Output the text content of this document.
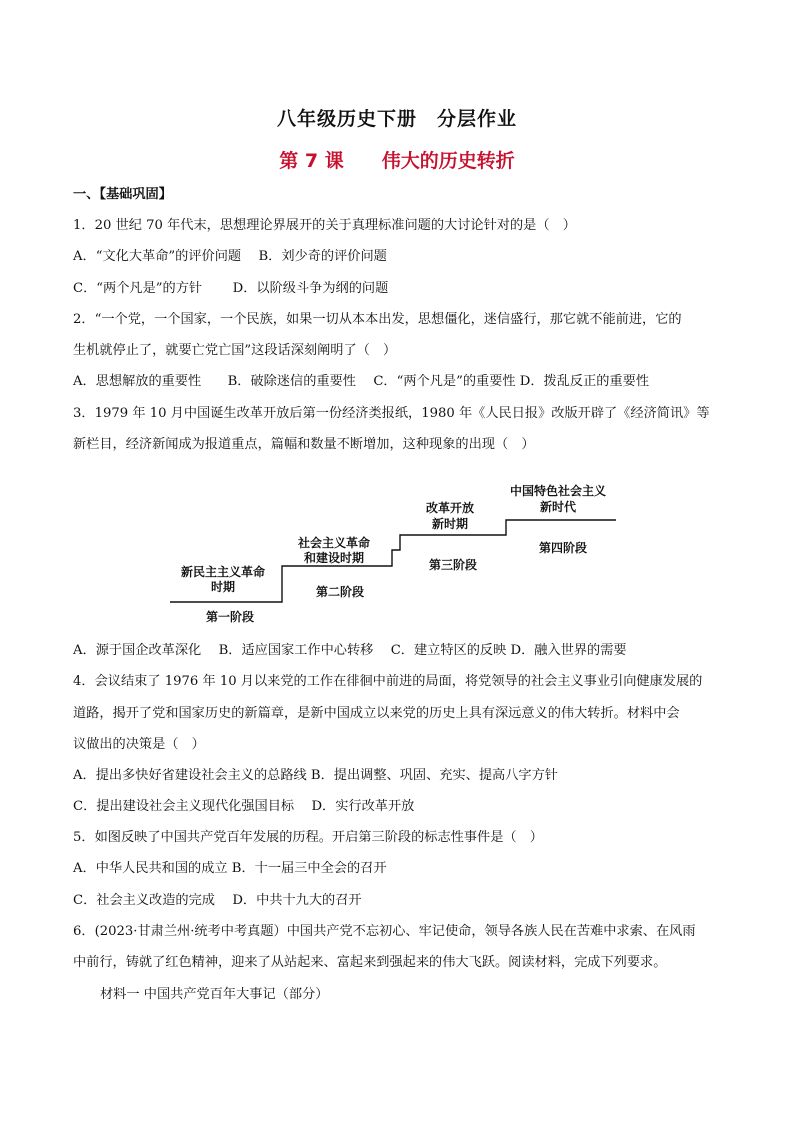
八年级历史下册　分层作业
第 7 课　　伟大的历史转折
一、【基础巩固】
1．20 世纪 70 年代末，思想理论界展开的关于真理标准问题的大讨论针对的是（　）
A．“文化大革命”的评价问题　 B．刘少奇的评价问题
C．“两个凡是”的方针　　 D．以阶级斗争为纲的问题
2．“一个党，一个国家，一个民族，如果一切从本本出发，思想僵化，迷信盛行，那它就不能前进，它的
生机就停止了，就要亡党亡国”这段话深刻阐明了（　）
A．思想解放的重要性　　B．破除迷信的重要性　 C．“两个凡是”的重要性 D．拨乱反正的重要性
3．1979 年 10 月中国诞生改革开放后第一份经济类报纸，1980 年《人民日报》改版开辟了《经济简讯》等
新栏目，经济新闻成为报道重点，篇幅和数量不断增加，这种现象的出现（　）
新民主主义革命
时期
第一阶段
社会主义革命
和建设时期
第二阶段
改革开放
新时期
第三阶段
中国特色社会主义
新时代
第四阶段
A．源于国企改革深化　 B．适应国家工作中心转移　 C．建立特区的反映 D．融入世界的需要
4．会议结束了 1976 年 10 月以来党的工作在徘徊中前进的局面，将党领导的社会主义事业引向健康发展的
道路，揭开了党和国家历史的新篇章，是新中国成立以来党的历史上具有深远意义的伟大转折。材料中会
议做出的决策是（　）
A．提出多快好省建设社会主义的总路线 B．提出调整、巩固、充实、提高八字方针
C．提出建设社会主义现代化强国目标　 D．实行改革开放
5．如图反映了中国共产党百年发展的历程。开启第三阶段的标志性事件是（　）
A．中华人民共和国的成立 B．十一届三中全会的召开
C．社会主义改造的完成　 D．中共十九大的召开
6．(2023·甘肃兰州·统考中考真题）中国共产党不忘初心、牢记使命，领导各族人民在苦难中求索、在风雨
中前行，铸就了红色精神，迎来了从站起来、富起来到强起来的伟大飞跃。阅读材料，完成下列要求。
材料一 中国共产党百年大事记（部分）
